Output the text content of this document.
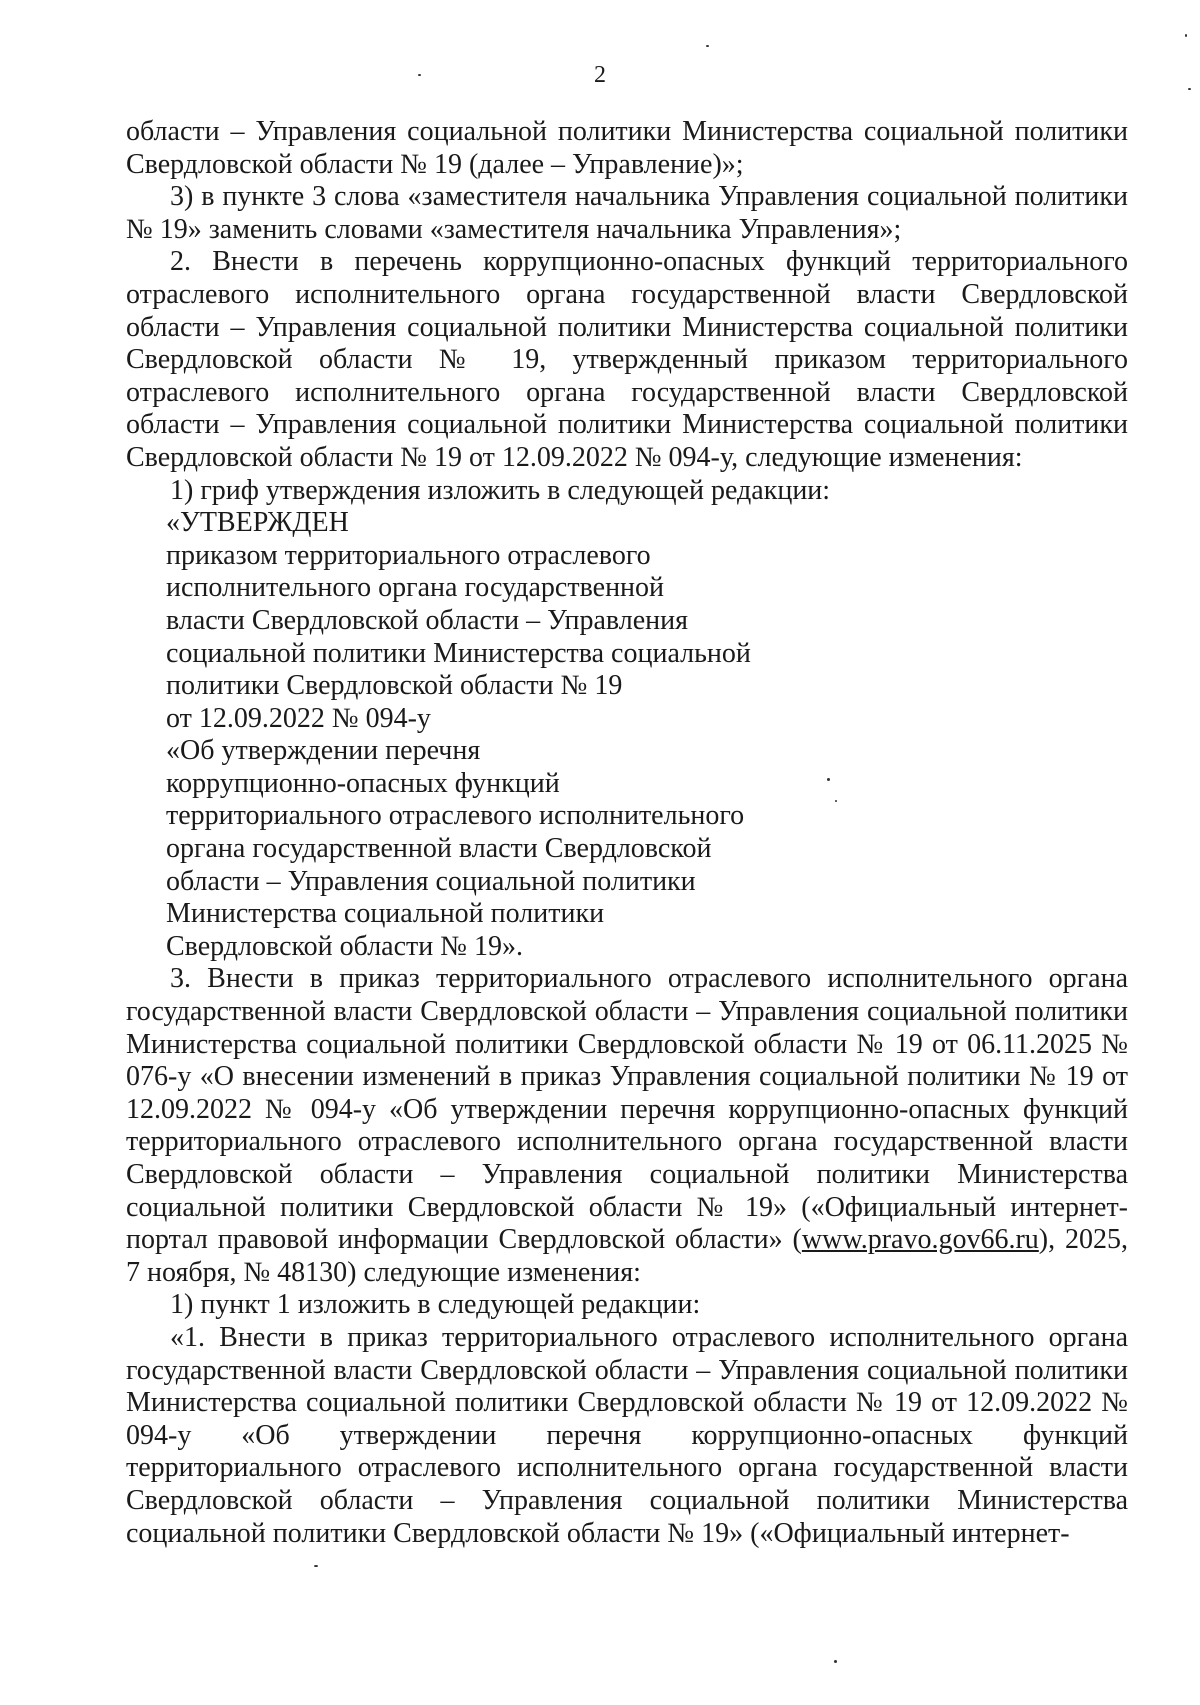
2

области – Управления социальной политики Министерства социальной политики Свердловской области № 19 (далее – Управление)»;

3) в пункте 3 слова «заместителя начальника Управления социальной политики № 19» заменить словами «заместителя начальника Управления»;

2. Внести в перечень коррупционно-опасных функций территориального отраслевого исполнительного органа государственной власти Свердловской области – Управления социальной политики Министерства социальной политики Свердловской области № 19, утвержденный приказом территориального отраслевого исполнительного органа государственной власти Свердловской области – Управления социальной политики Министерства социальной политики Свердловской области № 19 от 12.09.2022 № 094-у, следующие изменения:

1) гриф утверждения изложить в следующей редакции:

«УТВЕРЖДЕН
приказом территориального отраслевого
исполнительного органа государственной
власти Свердловской области – Управления
социальной политики Министерства социальной
политики Свердловской области № 19
от 12.09.2022 № 094-у
«Об утверждении перечня
коррупционно-опасных функций
территориального отраслевого исполнительного
органа государственной власти Свердловской
области – Управления социальной политики
Министерства социальной политики
Свердловской области № 19».

3. Внести в приказ территориального отраслевого исполнительного органа государственной власти Свердловской области – Управления социальной политики Министерства социальной политики Свердловской области № 19 от 06.11.2025 № 076-у «О внесении изменений в приказ Управления социальной политики № 19 от 12.09.2022 № 094-у «Об утверждении перечня коррупционно-опасных функций территориального отраслевого исполнительного органа государственной власти Свердловской области – Управления социальной политики Министерства социальной политики Свердловской области № 19» («Официальный интернет-портал правовой информации Свердловской области» (www.pravo.gov66.ru), 2025, 7 ноября, № 48130) следующие изменения:

1) пункт 1 изложить в следующей редакции:

«1. Внести в приказ территориального отраслевого исполнительного органа государственной власти Свердловской области – Управления социальной политики Министерства социальной политики Свердловской области № 19 от 12.09.2022 № 094-у «Об утверждении перечня коррупционно-опасных функций территориального отраслевого исполнительного органа государственной власти Свердловской области – Управления социальной политики Министерства социальной политики Свердловской области № 19» («Официальный интернет-
